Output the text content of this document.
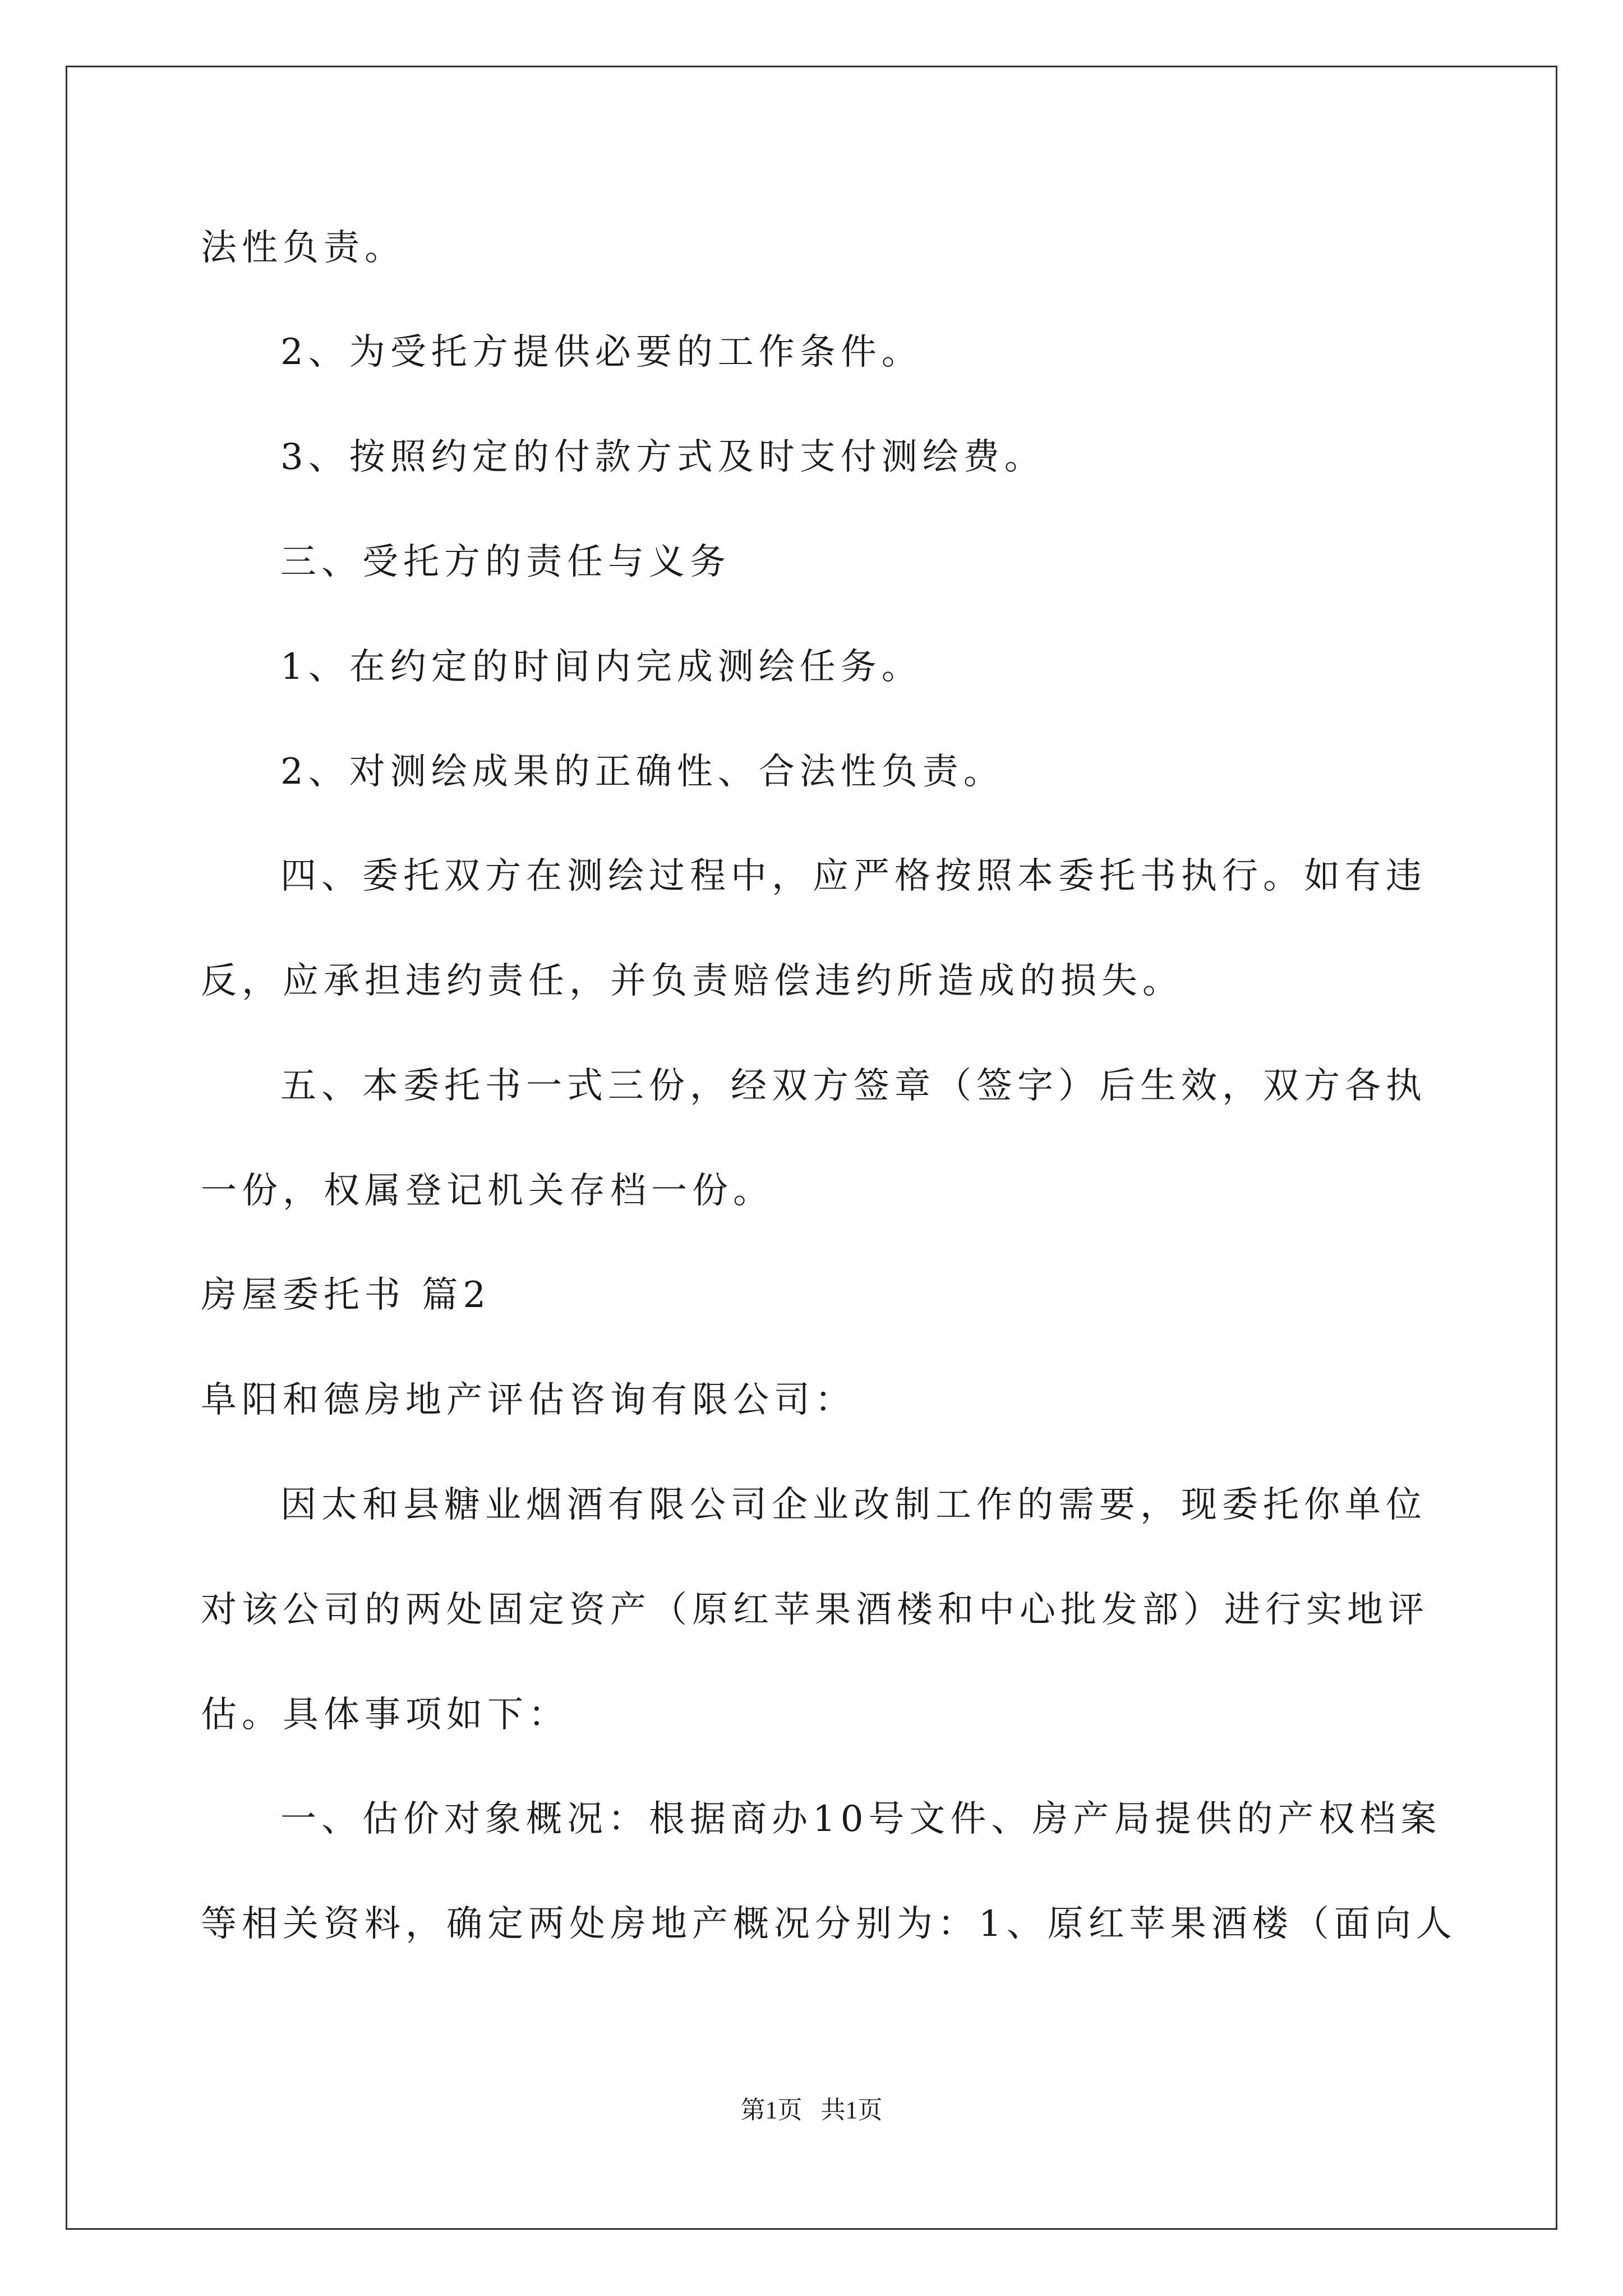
法性负责。
2、为受托方提供必要的工作条件。
3、按照约定的付款方式及时支付测绘费。
三、受托方的责任与义务
1、在约定的时间内完成测绘任务。
2、对测绘成果的正确性、合法性负责。
四、委托双方在测绘过程中，应严格按照本委托书执行。如有违
反，应承担违约责任，并负责赔偿违约所造成的损失。
五、本委托书一式三份，经双方签章（签字）后生效，双方各执
一份，权属登记机关存档一份。
房屋委托书 篇2
阜阳和德房地产评估咨询有限公司：
因太和县糖业烟酒有限公司企业改制工作的需要，现委托你单位
对该公司的两处固定资产（原红苹果酒楼和中心批发部）进行实地评
估。具体事项如下：
一、估价对象概况：根据商办10号文件、房产局提供的产权档案
等相关资料，确定两处房地产概况分别为：1、原红苹果酒楼（面向人
第1页   共1页
